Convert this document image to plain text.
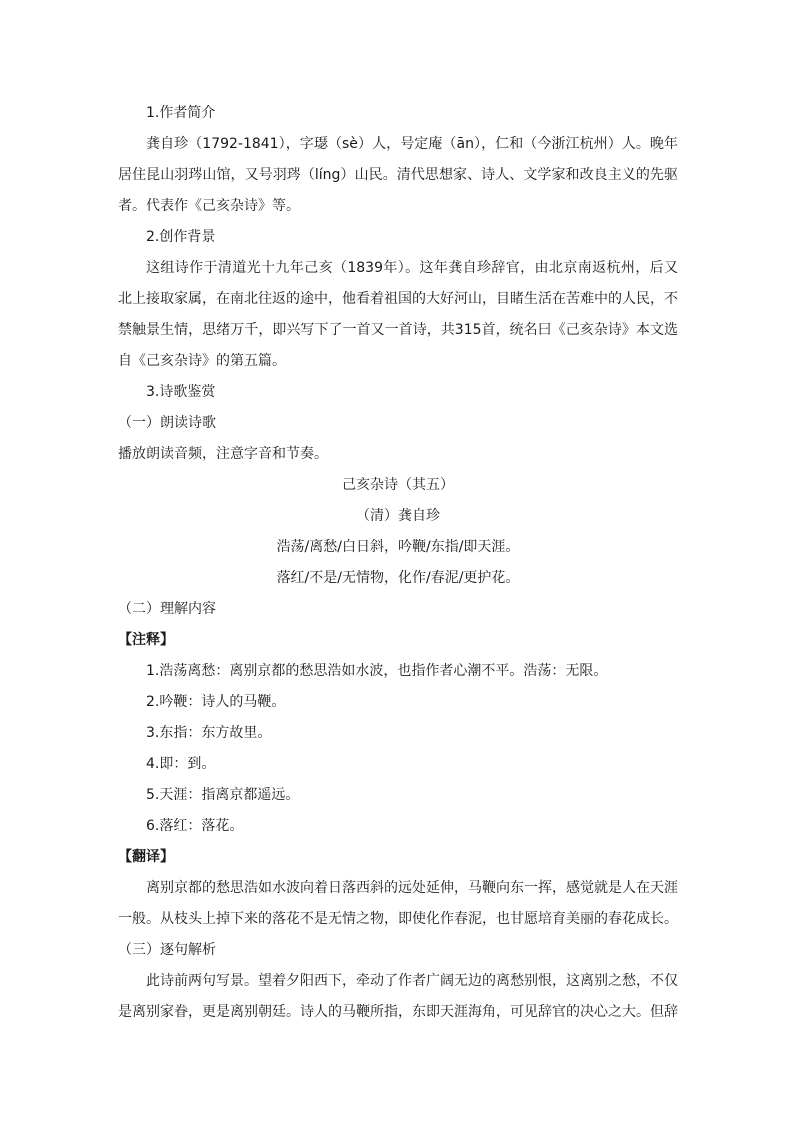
1.作者简介

龚自珍（1792-1841），字璱（sè）人，号定庵（ān），仁和（今浙江杭州）人。晚年居住昆山羽琌山馆，又号羽琌（líng）山民。清代思想家、诗人、文学家和改良主义的先驱者。代表作《己亥杂诗》等。

2.创作背景

这组诗作于清道光十九年己亥（1839年）。这年龚自珍辞官，由北京南返杭州，后又北上接取家属，在南北往返的途中，他看着祖国的大好河山，目睹生活在苦难中的人民，不禁触景生情，思绪万千，即兴写下了一首又一首诗，共315首，统名曰《己亥杂诗》本文选自《己亥杂诗》的第五篇。

3.诗歌鉴赏

（一）朗读诗歌

播放朗读音频，注意字音和节奏。

己亥杂诗（其五）

（清）龚自珍

浩荡/离愁/白日斜，吟鞭/东指/即天涯。

落红/不是/无情物，化作/春泥/更护花。

（二）理解内容

【注释】

1.浩荡离愁：离别京都的愁思浩如水波，也指作者心潮不平。浩荡：无限。

2.吟鞭：诗人的马鞭。

3.东指：东方故里。

4.即：到。

5.天涯：指离京都遥远。

6.落红：落花。

【翻译】

离别京都的愁思浩如水波向着日落西斜的远处延伸，马鞭向东一挥，感觉就是人在天涯一般。从枝头上掉下来的落花不是无情之物，即使化作春泥，也甘愿培育美丽的春花成长。

（三）逐句解析

此诗前两句写景。望着夕阳西下，牵动了作者广阔无边的离愁别恨，这离别之愁，不仅是离别家眷，更是离别朝廷。诗人的马鞭所指，东即天涯海角，可见辞官的决心之大。但辞
